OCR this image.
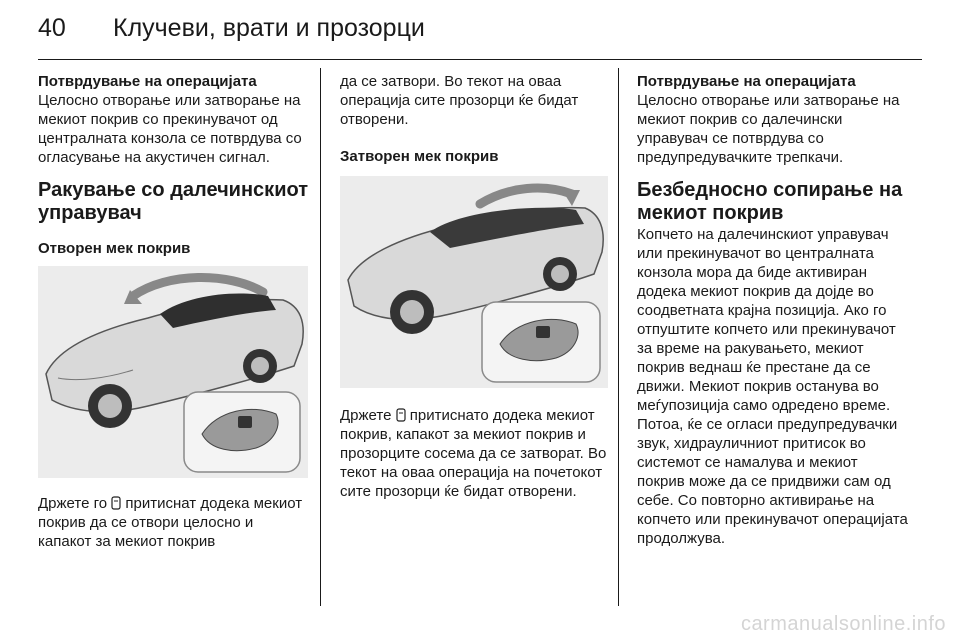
40 Клучеви, врати и прозорци

Потврдување на операцијата

Целосно отворање или затворање на мекиот покрив со прекинувачот од централната конзола се потврдува со огласување на акустичен сигнал.

Ракување со далечинскиот управувач

Отворен мек покрив

Држете го притиснат додека мекиот покрив да се отвори целосно и капакот за мекиот покрив

да се затвори. Во текот на оваа операција сите прозорци ќе бидат отворени.

Затворен мек покрив

Држете притиснато додека мекиот покрив, капакот за мекиот покрив и прозорците сосема да се затворат. Во текот на оваа операција на почетокот сите прозорци ќе бидат отворени.

Потврдување на операцијата

Целосно отворање или затворање на мекиот покрив со далечински управувач се потврдува со предупредувачките трепкачи.

Безбедносно сопирање на мекиот покрив

Копчето на далечинскиот управувач или прекинувачот во централната конзола мора да биде активиран додека мекиот покрив да дојде во соодветната крајна позиција. Ако го отпуштите копчето или прекинувачот за време на ракувањето, мекиот покрив веднаш ќе престане да се движи. Мекиот покрив останува во меѓупозиција само одредено време. Потоа, ќе се огласи предупредувачки звук, хидрауличниот притисок во системот се намалува и мекиот покрив може да се придвижи сам од себе. Со повторно активирање на копчето или прекинувачот операцијата продолжува.

carmanualsonline.info
